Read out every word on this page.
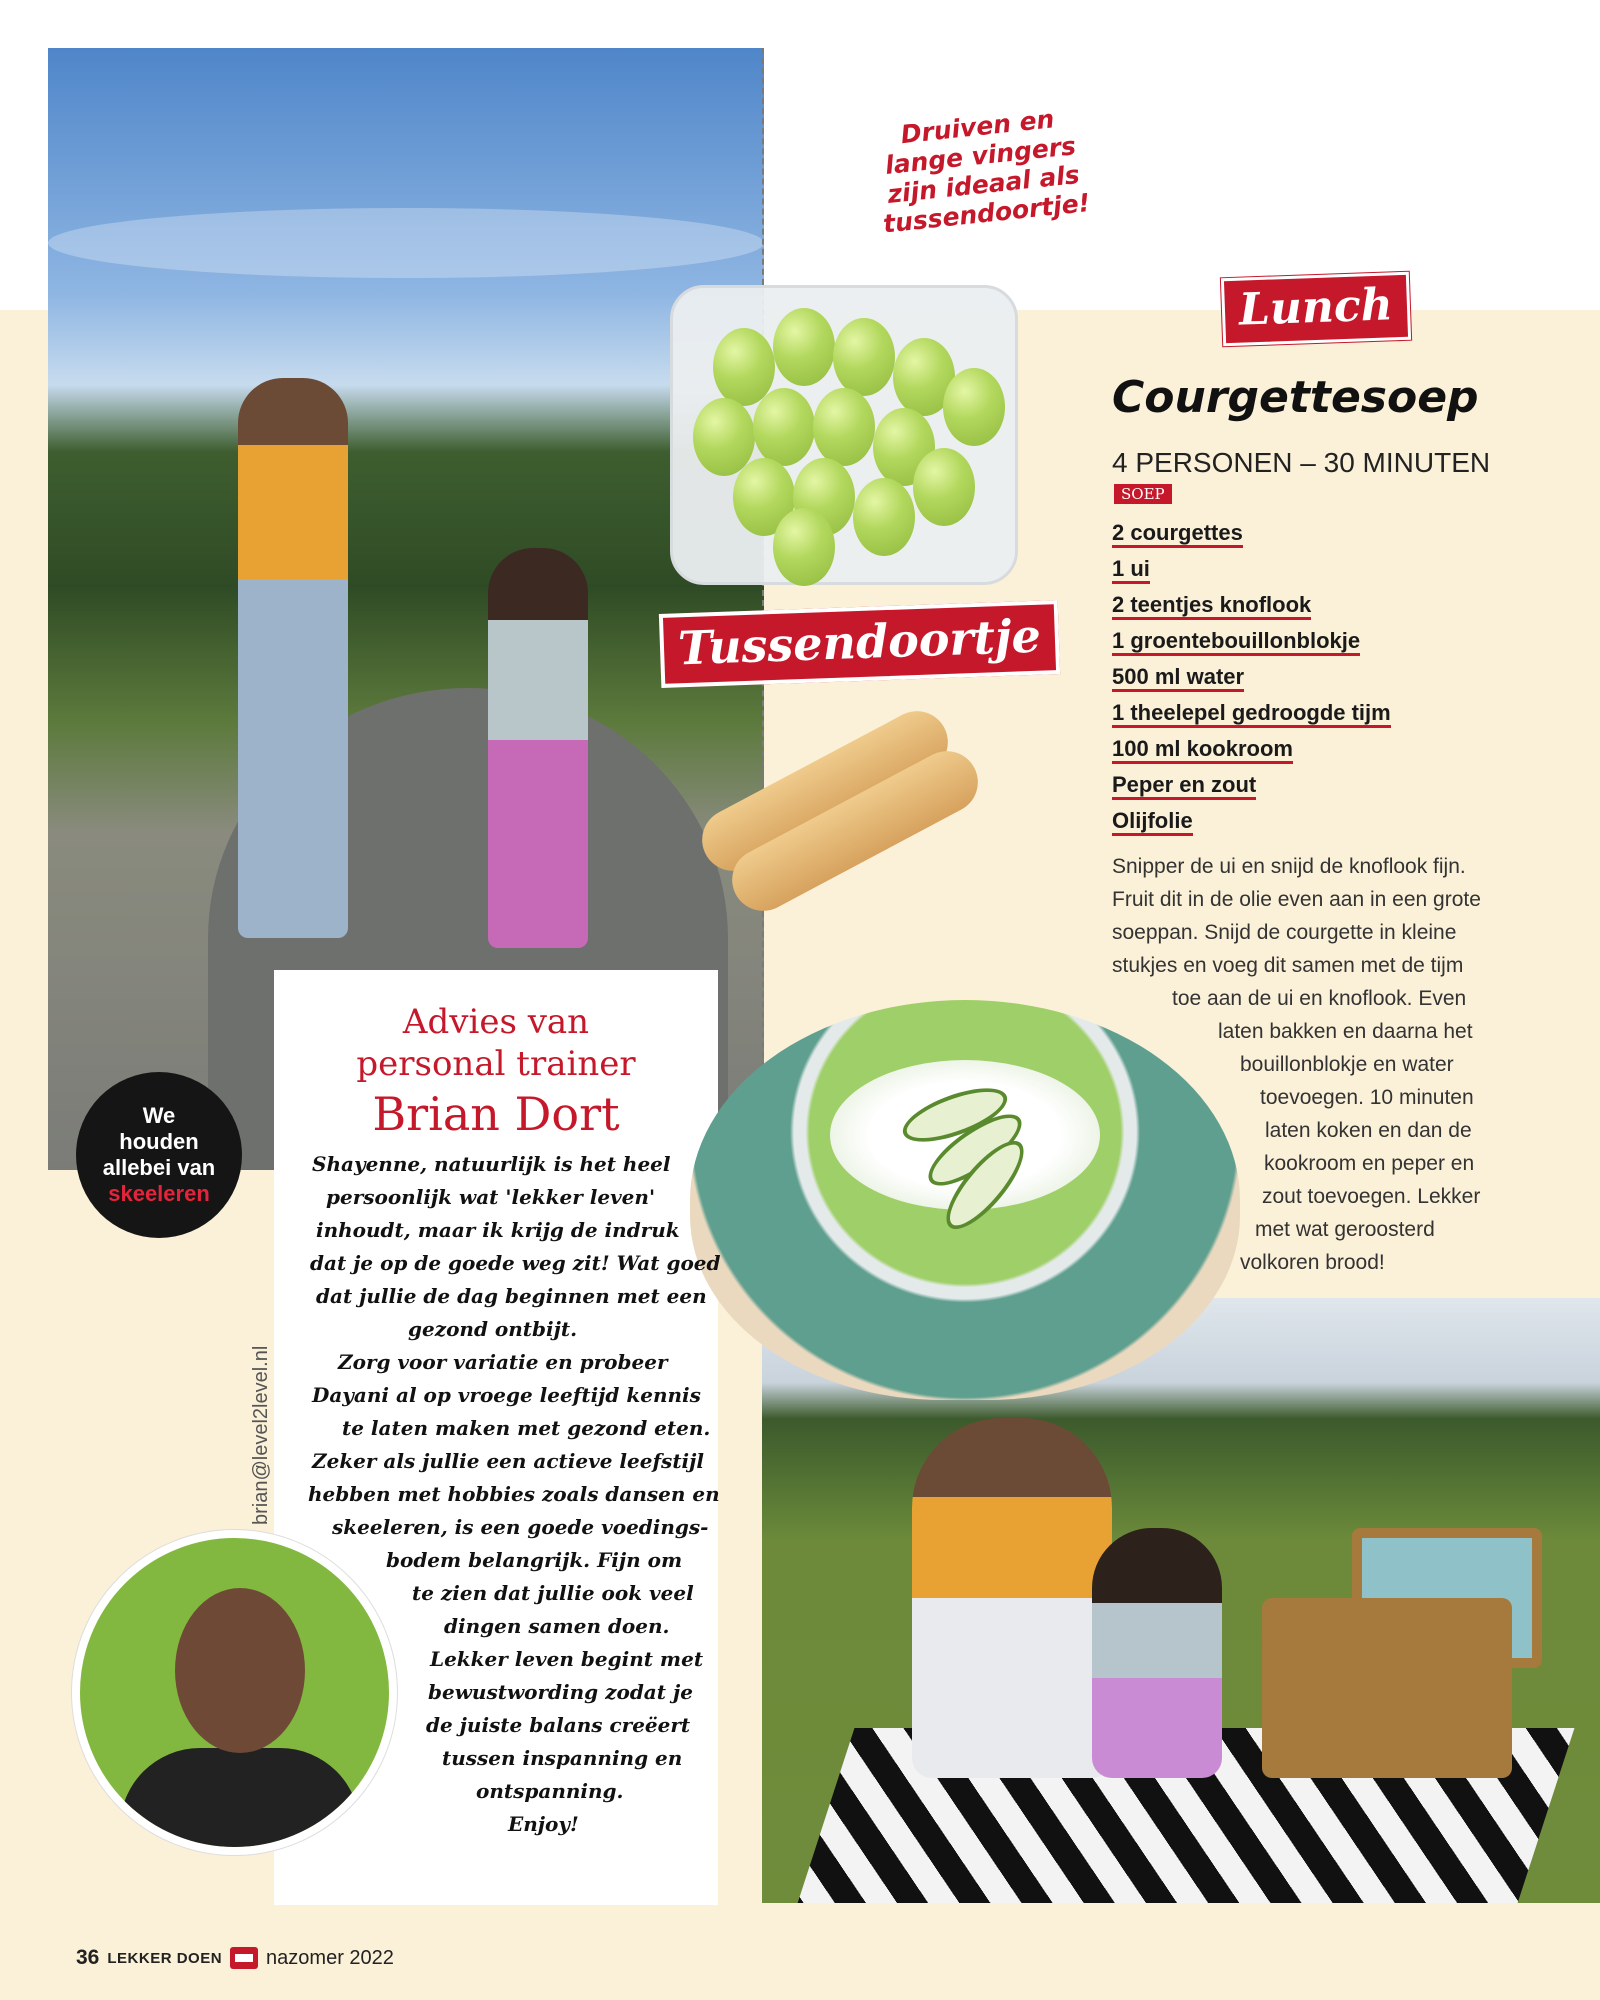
Druiven en lange vingers zijn ideaal als tussendoortje!
Tussendoortje
Lunch
Courgettesoep
4 PERSONEN – 30 MINUTEN
SOEP
2 courgettes
1 ui
2 teentjes knoflook
1 groentebouillonblokje
500 ml water
1 theelepel gedroogde tijm
100 ml kookroom
Peper en zout
Olijfolie
Snipper de ui en snijd de knoflook fijn.
Fruit dit in de olie even aan in een grote
soeppan. Snijd de courgette in kleine
stukjes en voeg dit samen met de tijm
toe aan de ui en knoflook. Even
laten bakken en daarna het
bouillonblokje en water
toevoegen. 10 minuten
laten koken en dan de
kookroom en peper en
zout toevoegen. Lekker
met wat geroosterd
volkoren brood!
Advies van
personal trainer
Brian Dort
Shayenne, natuurlijk is het heel
persoonlijk wat 'lekker leven'
inhoudt, maar ik krijg de indruk
dat je op de goede weg zit! Wat goed
dat jullie de dag beginnen met een
gezond ontbijt.
Zorg voor variatie en probeer
Dayani al op vroege leeftijd kennis
te laten maken met gezond eten.
Zeker als jullie een actieve leefstijl
hebben met hobbies zoals dansen en
skeeleren, is een goede voedings-
bodem belangrijk. Fijn om
te zien dat jullie ook veel
dingen samen doen.
Lekker leven begint met
bewustwording zodat je
de juiste balans creëert
tussen inspanning en
ontspanning.
Enjoy!
We
houden
allebei van
skeeleren
brian@level2level.nl
36 LEKKER DOEN nazomer 2022
